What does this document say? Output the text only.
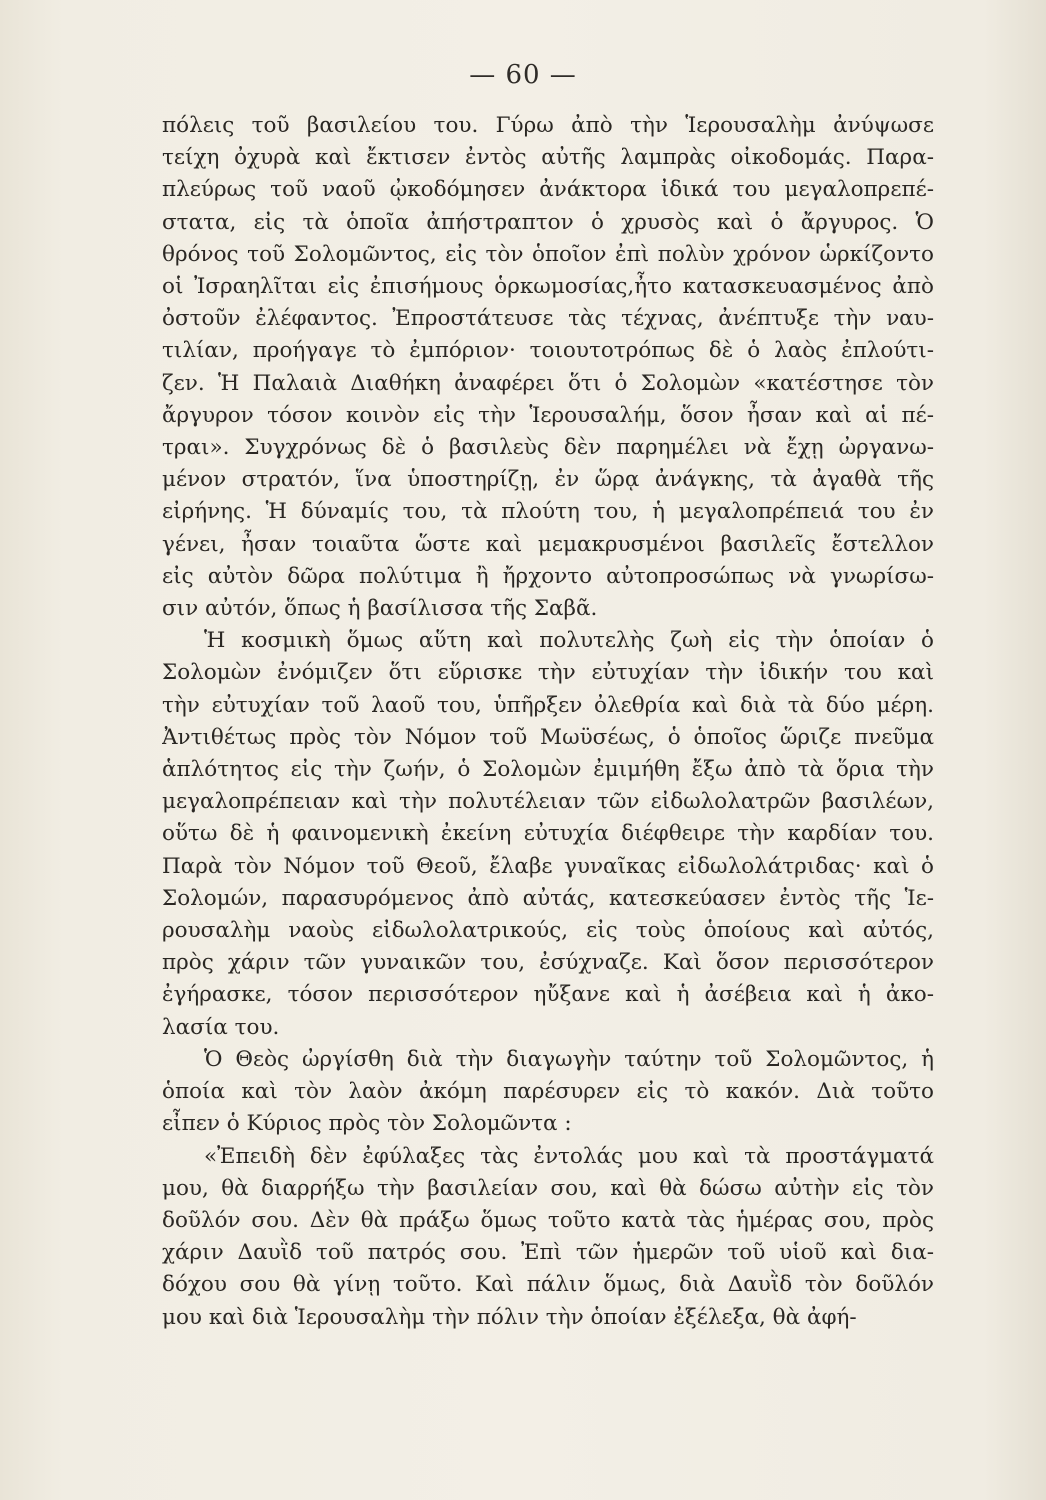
— 60 —
πόλεις τοῦ βασιλείου του. Γύρω ἀπὸ τὴν Ἱερουσαλὴμ ἀνύψωσε
τείχη ὀχυρὰ καὶ ἔκτισεν ἐντὸς αὐτῆς λαμπρὰς οἰκοδομάς. Παρα-
πλεύρως τοῦ ναοῦ ᾠκοδόμησεν ἀνάκτορα ἰδικά του μεγαλοπρεπέ-
στατα, εἰς τὰ ὁποῖα ἀπήστραπτον ὁ χρυσὸς καὶ ὁ ἄργυρος. Ὁ
θρόνος τοῦ Σολομῶντος, εἰς τὸν ὁποῖον ἐπὶ πολὺν χρόνον ὡρκίζοντο
οἱ Ἰσραηλῖται εἰς ἐπισήμους ὁρκωμοσίας,ἦτο κατασκευασμένος ἀπὸ
ὀστοῦν ἐλέφαντος. Ἐπροστάτευσε τὰς τέχνας, ἀνέπτυξε τὴν ναυ-
τιλίαν, προήγαγε τὸ ἐμπόριον· τοιουτοτρόπως δὲ ὁ λαὸς ἐπλούτι-
ζεν. Ἡ Παλαιὰ Διαθήκη ἀναφέρει ὅτι ὁ Σολομὼν «κατέστησε τὸν
ἄργυρον τόσον κοινὸν εἰς τὴν Ἱερουσαλήμ, ὅσον ἦσαν καὶ αἱ πέ-
τραι». Συγχρόνως δὲ ὁ βασιλεὺς δὲν παρημέλει νὰ ἔχῃ ὠργανω-
μένον στρατόν, ἵνα ὑποστηρίζῃ, ἐν ὥρᾳ ἀνάγκης, τὰ ἀγαθὰ τῆς
εἰρήνης. Ἡ δύναμίς του, τὰ πλούτη του, ἡ μεγαλοπρέπειά του ἐν
γένει, ἦσαν τοιαῦτα ὥστε καὶ μεμακρυσμένοι βασιλεῖς ἔστελλον
εἰς αὐτὸν δῶρα πολύτιμα ἢ ἤρχοντο αὐτοπροσώπως νὰ γνωρίσω-
σιν αὐτόν, ὅπως ἡ βασίλισσα τῆς Σαβᾶ.
Ἡ κοσμικὴ ὅμως αὕτη καὶ πολυτελὴς ζωὴ εἰς τὴν ὁποίαν ὁ
Σολομὼν ἐνόμιζεν ὅτι εὕρισκε τὴν εὐτυχίαν τὴν ἰδικήν του καὶ
τὴν εὐτυχίαν τοῦ λαοῦ του, ὑπῆρξεν ὀλεθρία καὶ διὰ τὰ δύο μέρη.
Ἀντιθέτως πρὸς τὸν Νόμον τοῦ Μωϋσέως, ὁ ὁποῖος ὥριζε πνεῦμα
ἁπλότητος εἰς τὴν ζωήν, ὁ Σολομὼν ἐμιμήθη ἔξω ἀπὸ τὰ ὅρια τὴν
μεγαλοπρέπειαν καὶ τὴν πολυτέλειαν τῶν εἰδωλολατρῶν βασιλέων,
οὕτω δὲ ἡ φαινομενικὴ ἐκείνη εὐτυχία διέφθειρε τὴν καρδίαν του.
Παρὰ τὸν Νόμον τοῦ Θεοῦ, ἔλαβε γυναῖκας εἰδωλολάτριδας· καὶ ὁ
Σολομών, παρασυρόμενος ἀπὸ αὐτάς, κατεσκεύασεν ἐντὸς τῆς Ἱε-
ρουσαλὴμ ναοὺς εἰδωλολατρικούς, εἰς τοὺς ὁποίους καὶ αὐτός,
πρὸς χάριν τῶν γυναικῶν του, ἐσύχναζε. Καὶ ὅσον περισσότερον
ἐγήρασκε, τόσον περισσότερον ηὔξανε καὶ ἡ ἀσέβεια καὶ ἡ ἀκο-
λασία του.
Ὁ Θεὸς ὠργίσθη διὰ τὴν διαγωγὴν ταύτην τοῦ Σολομῶντος, ἡ
ὁποία καὶ τὸν λαὸν ἀκόμη παρέσυρεν εἰς τὸ κακόν. Διὰ τοῦτο
εἶπεν ὁ Κύριος πρὸς τὸν Σολομῶντα :
«Ἐπειδὴ δὲν ἐφύλαξες τὰς ἐντολάς μου καὶ τὰ προστάγματά
μου, θὰ διαρρήξω τὴν βασιλείαν σου, καὶ θὰ δώσω αὐτὴν εἰς τὸν
δοῦλόν σου. Δὲν θὰ πράξω ὅμως τοῦτο κατὰ τὰς ἡμέρας σου, πρὸς
χάριν Δαυῒδ τοῦ πατρός σου. Ἐπὶ τῶν ἡμερῶν τοῦ υἱοῦ καὶ δια-
δόχου σου θὰ γίνῃ τοῦτο. Καὶ πάλιν ὅμως, διὰ Δαυῒδ τὸν δοῦλόν
μου καὶ διὰ Ἱερουσαλὴμ τὴν πόλιν τὴν ὁποίαν ἐξέλεξα, θὰ ἀφή-
